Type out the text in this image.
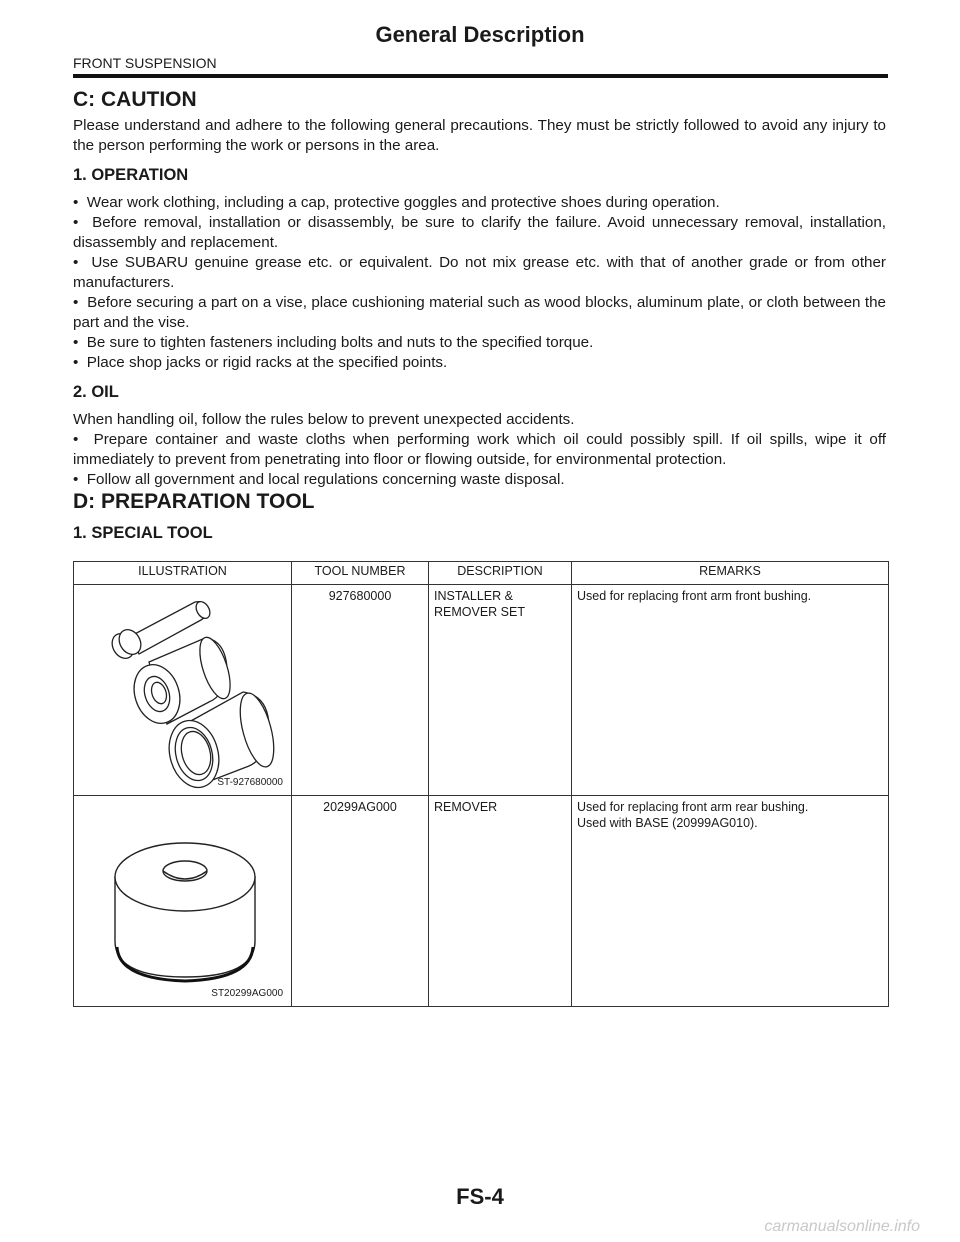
General Description
FRONT SUSPENSION
C: CAUTION

Please understand and adhere to the following general precautions. They must be strictly followed to avoid any injury to the person performing the work or persons in the area.

1. OPERATION
•  Wear work clothing, including a cap, protective goggles and protective shoes during operation.
•  Before removal, installation or disassembly, be sure to clarify the failure. Avoid unnecessary removal, installation, disassembly and replacement.
•  Use SUBARU genuine grease etc. or equivalent. Do not mix grease etc. with that of another grade or from other manufacturers.
•  Before securing a part on a vise, place cushioning material such as wood blocks, aluminum plate, or cloth between the part and the vise.
•  Be sure to tighten fasteners including bolts and nuts to the specified torque.
•  Place shop jacks or rigid racks at the specified points.
2. OIL

When handling oil, follow the rules below to prevent unexpected accidents.

•  Prepare container and waste cloths when performing work which oil could possibly spill. If oil spills, wipe it off immediately to prevent from penetrating into floor or flowing outside, for environmental protection.
•  Follow all government and local regulations concerning waste disposal.
D: PREPARATION TOOL
1. SPECIAL TOOL
ILLUSTRATION	TOOL NUMBER	DESCRIPTION	REMARKS

ST-927680000	927680000	INSTALLER & REMOVER SET	Used for replacing front arm front bushing.

ST20299AG000	20299AG000	REMOVER	Used for replacing front arm rear bushing.
Used with BASE (20999AG010).
FS-4
carmanualsonline.info
